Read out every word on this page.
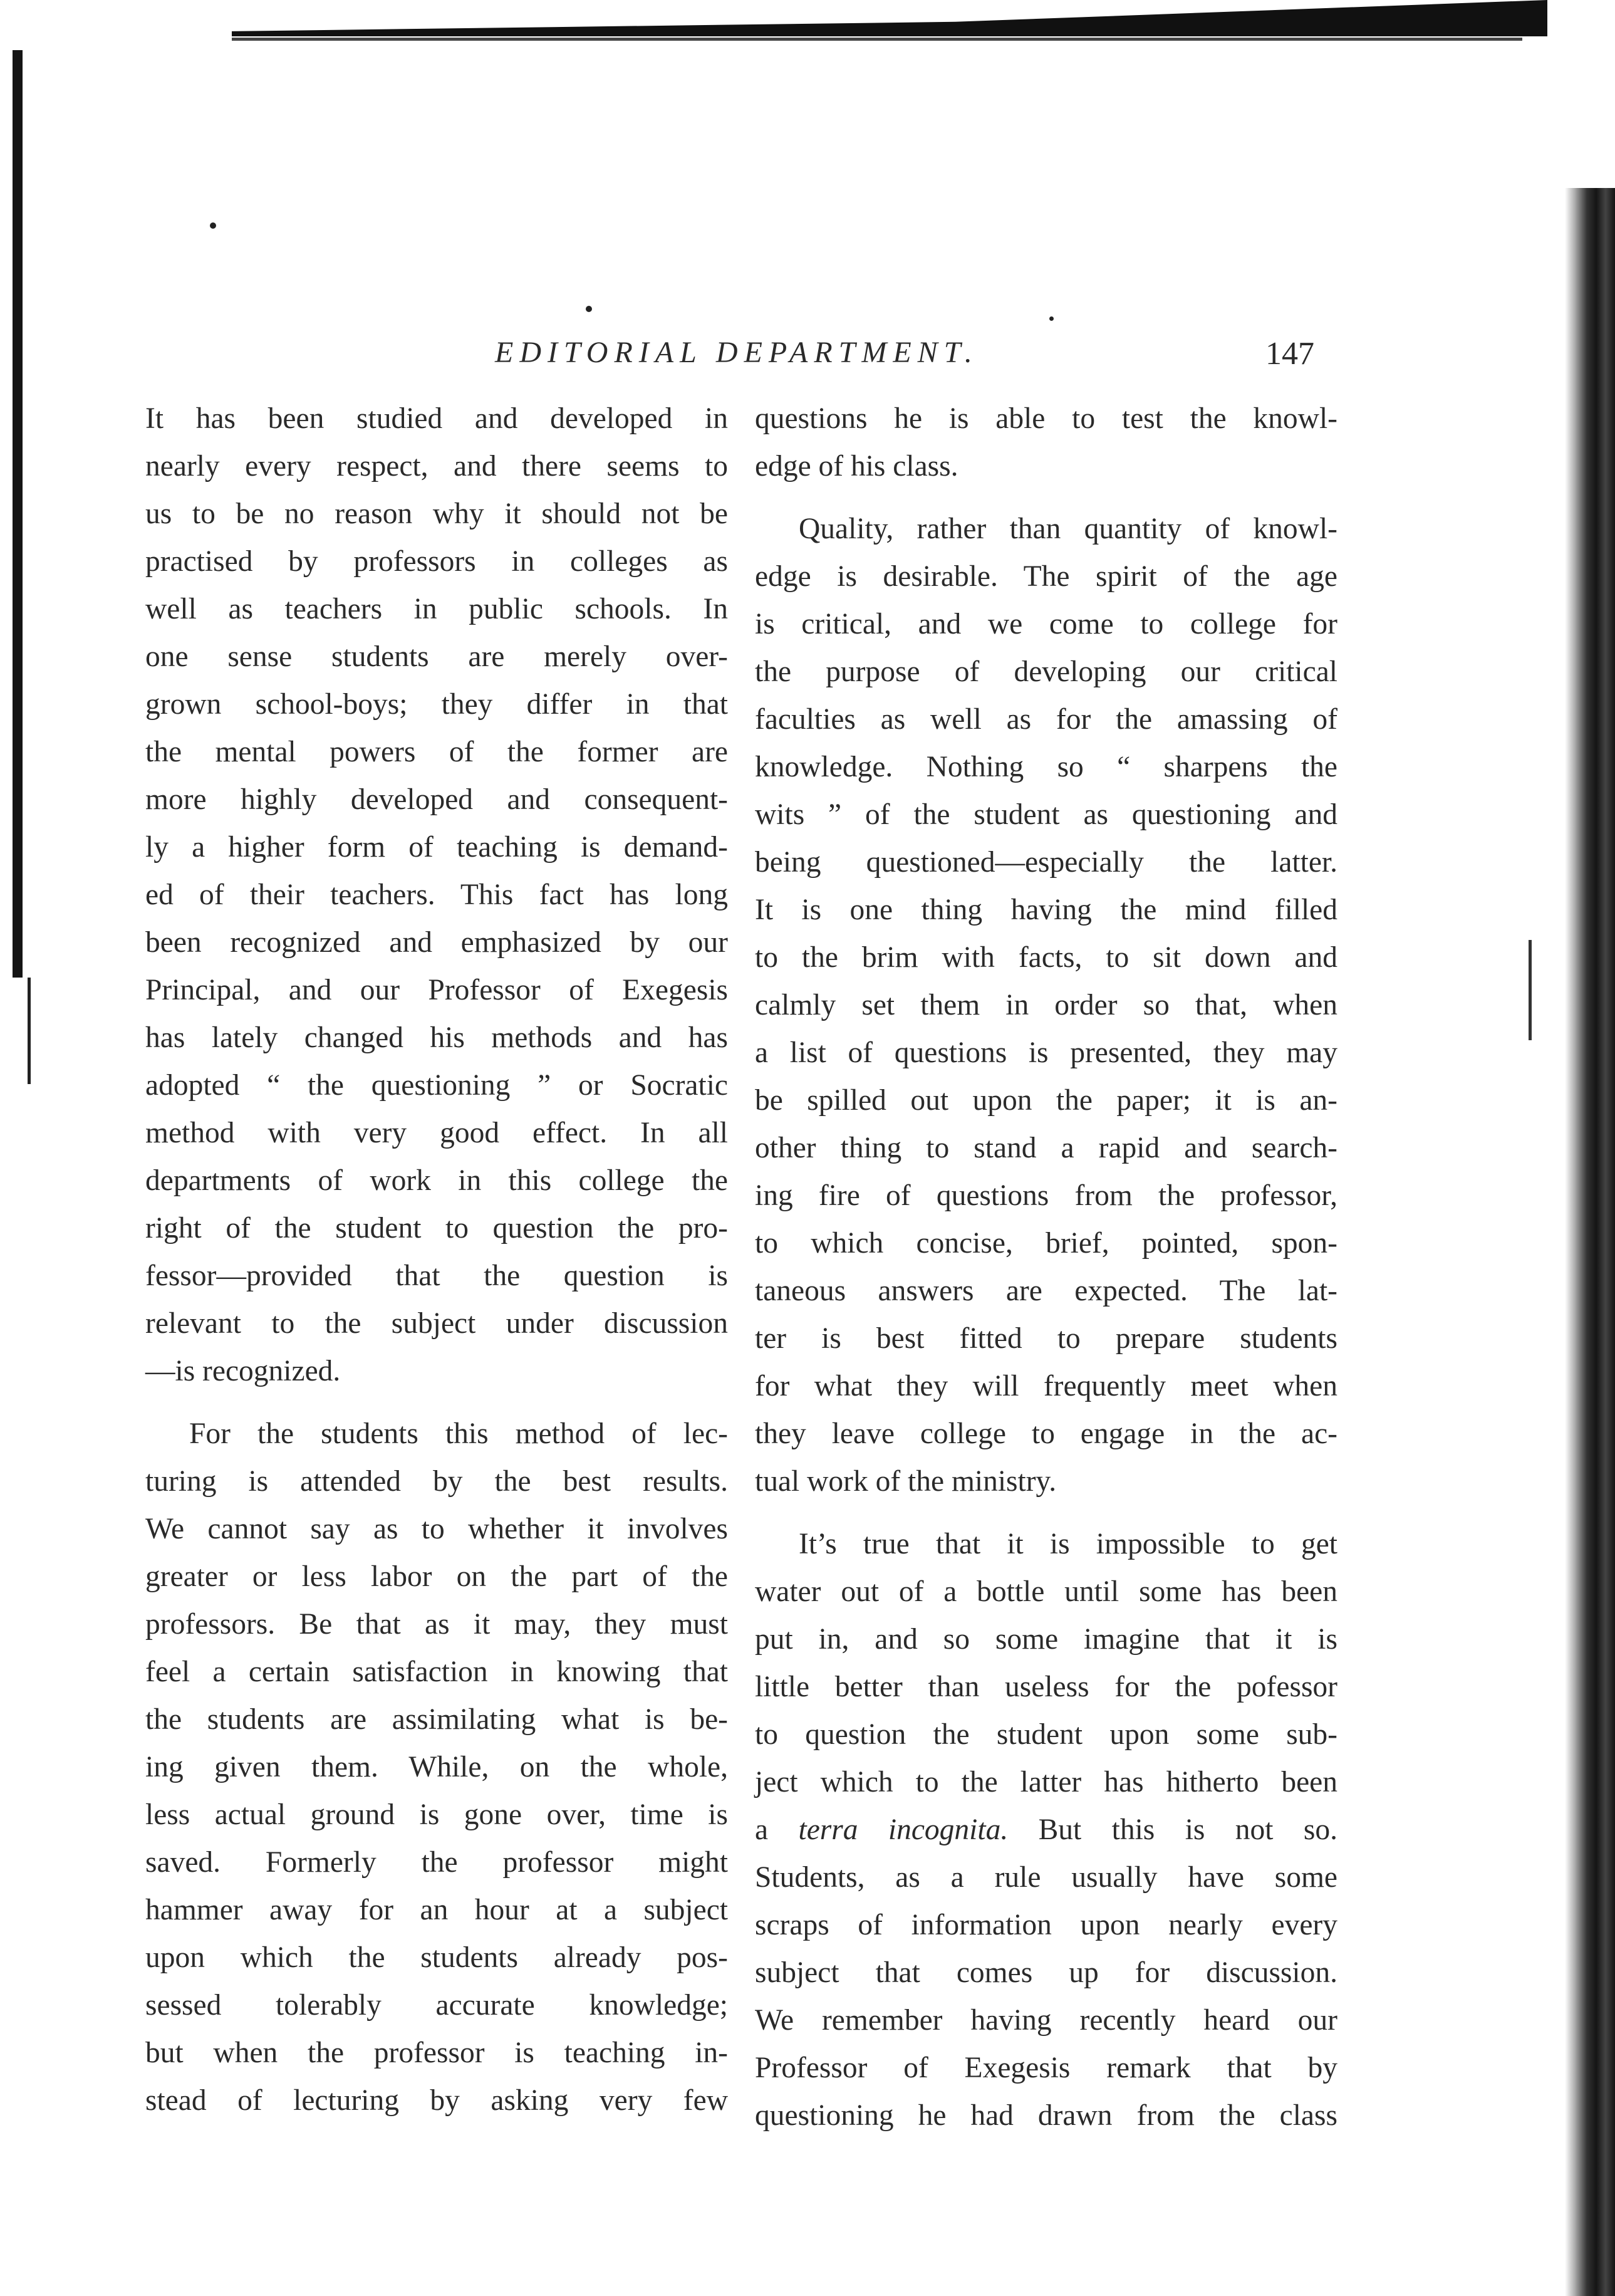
EDITORIAL DEPARTMENT.	147

It has been studied and developed in
nearly every respect, and there seems to
us to be no reason why it should not be
practised by professors in colleges as
well as teachers in public schools. In
one sense students are merely over-
grown school-boys; they differ in that
the mental powers of the former are
more highly developed and consequent-
ly a higher form of teaching is demand-
ed of their teachers. This fact has long
been recognized and emphasized by our
Principal, and our Professor of Exegesis
has lately changed his methods and has
adopted “ the questioning ” or Socratic
method with very good effect. In all
departments of work in this college the
right of the student to question the pro-
fessor—provided that the question is
relevant to the subject under discussion
—is recognized.

For the students this method of lec-
turing is attended by the best results.
We cannot say as to whether it involves
greater or less labor on the part of the
professors. Be that as it may, they must
feel a certain satisfaction in knowing that
the students are assimilating what is be-
ing given them. While, on the whole,
less actual ground is gone over, time is
saved. Formerly the professor might
hammer away for an hour at a subject
upon which the students already pos-
sessed tolerably accurate knowledge;
but when the professor is teaching in-
stead of lecturing by asking very few

questions he is able to test the knowl-
edge of his class.

Quality, rather than quantity of knowl-
edge is desirable. The spirit of the age
is critical, and we come to college for
the purpose of developing our critical
faculties as well as for the amassing of
knowledge. Nothing so “ sharpens the
wits ” of the student as questioning and
being questioned—especially the latter.
It is one thing having the mind filled
to the brim with facts, to sit down and
calmly set them in order so that, when
a list of questions is presented, they may
be spilled out upon the paper; it is an-
other thing to stand a rapid and search-
ing fire of questions from the professor,
to which concise, brief, pointed, spon-
taneous answers are expected. The lat-
ter is best fitted to prepare students
for what they will frequently meet when
they leave college to engage in the ac-
tual work of the ministry.

It’s true that it is impossible to get
water out of a bottle until some has been
put in, and so some imagine that it is
little better than useless for the pofessor
to question the student upon some sub-
ject which to the latter has hitherto been
a terra incognita. But this is not so.
Students, as a rule usually have some
scraps of information upon nearly every
subject that comes up for discussion.
We remember having recently heard our
Professor of Exegesis remark that by
questioning he had drawn from the class
